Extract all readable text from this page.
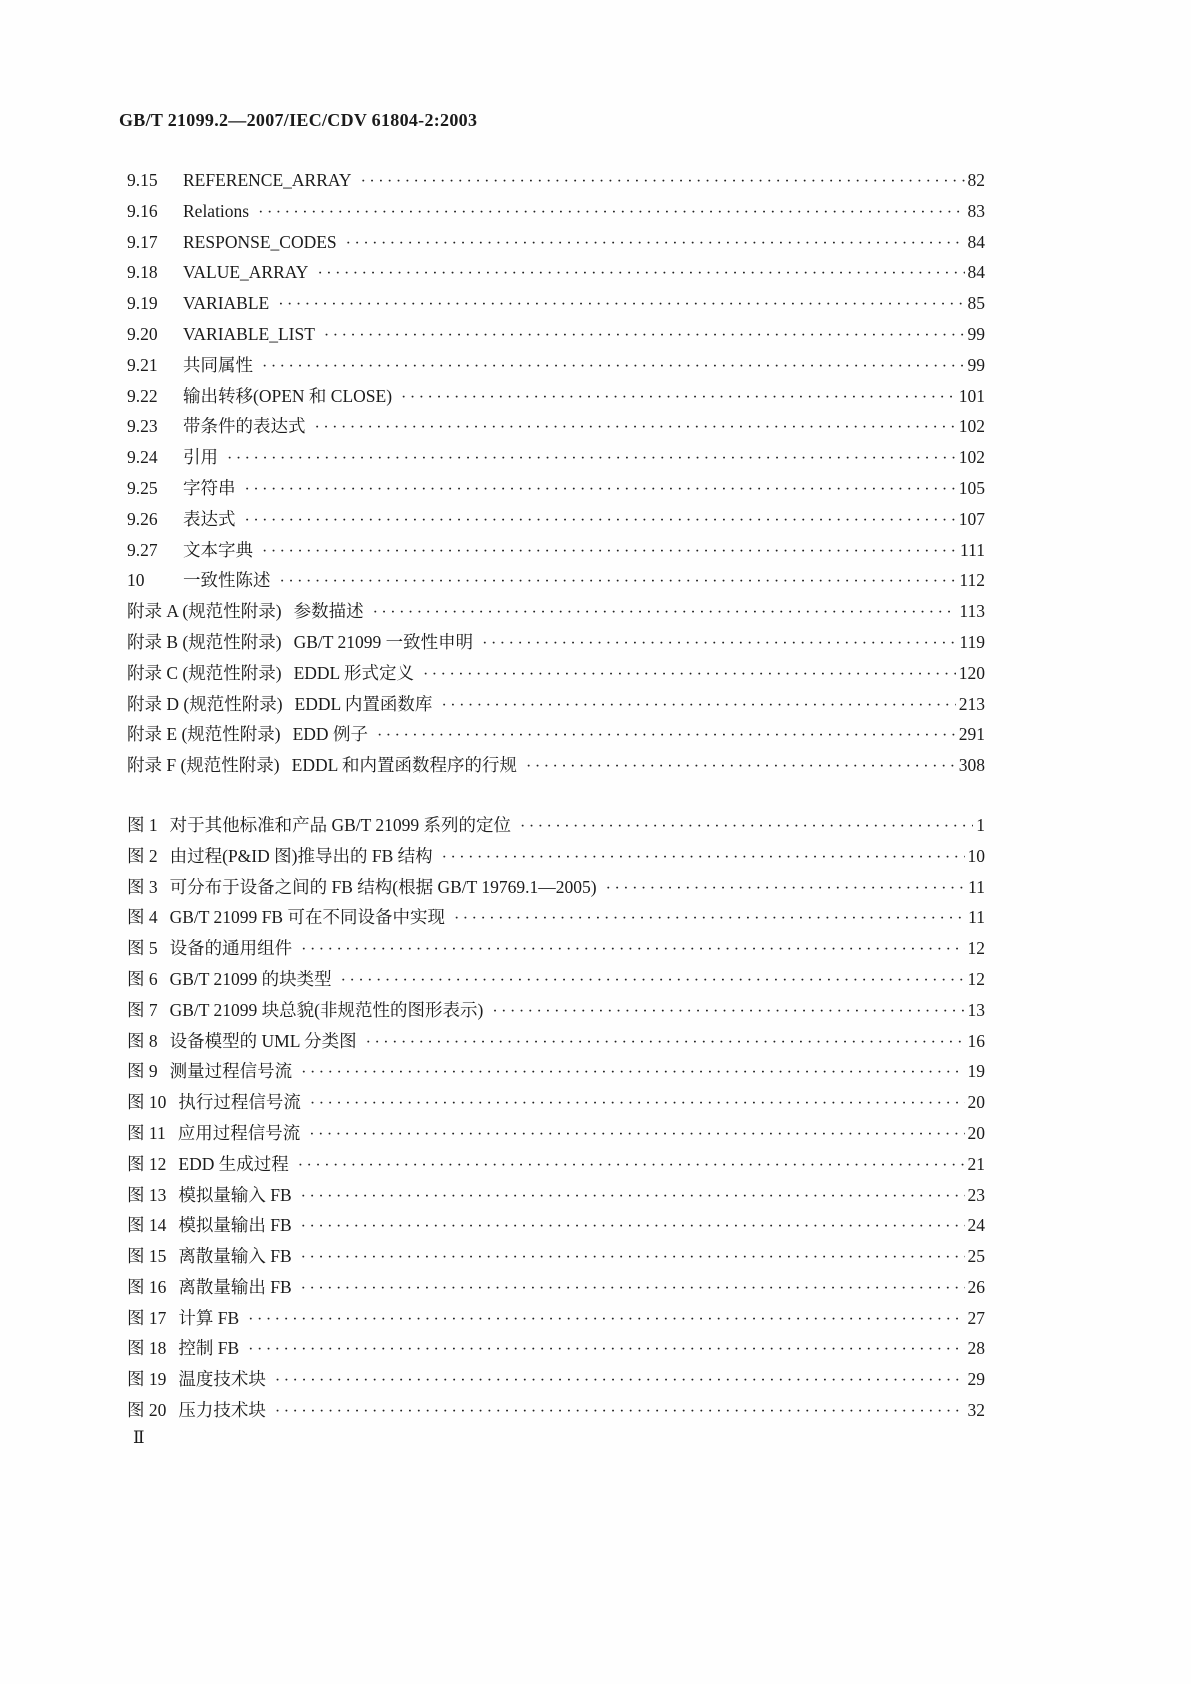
GB/T 21099.2—2007/IEC/CDV 61804-2:2003
9.15	REFERENCE_ARRAY ·····	82
9.16	Relations ·····	83
9.17	RESPONSE_CODES ·····	84
9.18	VALUE_ARRAY ·····	84
9.19	VARIABLE ·····	85
9.20	VARIABLE_LIST ·····	99
9.21	共同属性 ·····	99
9.22	输出转移(OPEN 和 CLOSE) ·····	101
9.23	带条件的表达式 ·····	102
9.24	引用 ·····	102
9.25	字符串 ·····	105
9.26	表达式 ·····	107
9.27	文本字典 ·····	111
10	一致性陈述 ·····	112
附录 A (规范性附录) 参数描述 ·····	113
附录 B (规范性附录) GB/T 21099 一致性申明 ·····	119
附录 C (规范性附录) EDDL 形式定义 ·····	120
附录 D (规范性附录) EDDL 内置函数库 ·····	213
附录 E (规范性附录) EDD 例子 ·····	291
附录 F (规范性附录) EDDL 和内置函数程序的行规 ·····	308
图 1 对于其他标准和产品 GB/T 21099 系列的定位 ·····	1
图 2 由过程(P&ID 图)推导出的 FB 结构 ·····	10
图 3 可分布于设备之间的 FB 结构(根据 GB/T 19769.1—2005) ·····	11
图 4 GB/T 21099 FB 可在不同设备中实现 ·····	11
图 5 设备的通用组件 ·····	12
图 6 GB/T 21099 的块类型 ·····	12
图 7 GB/T 21099 块总貌(非规范性的图形表示) ·····	13
图 8 设备模型的 UML 分类图 ·····	16
图 9 测量过程信号流 ·····	19
图 10 执行过程信号流 ·····	20
图 11 应用过程信号流 ·····	20
图 12 EDD 生成过程 ·····	21
图 13 模拟量输入 FB ·····	23
图 14 模拟量输出 FB ·····	24
图 15 离散量输入 FB ·····	25
图 16 离散量输出 FB ·····	26
图 17 计算 FB ·····	27
图 18 控制 FB ·····	28
图 19 温度技术块 ·····	29
图 20 压力技术块 ·····	32
Ⅱ
